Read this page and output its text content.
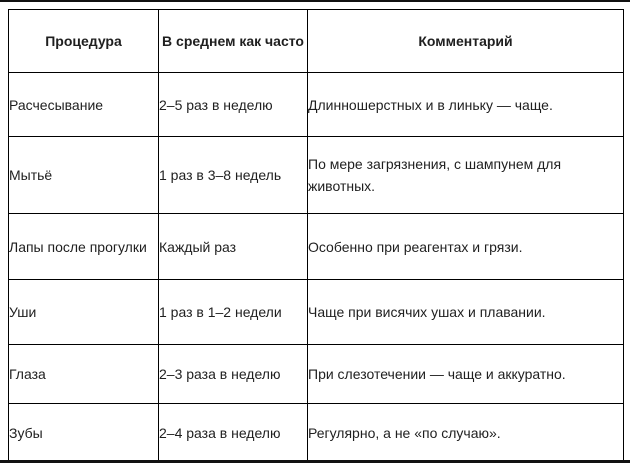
Процедура	В среднем как часто	Комментарий
Расчесывание	2–5 раз в неделю	Длинношерстных и в линьку — чаще.
Мытьё	1 раз в 3–8 недель	По мере загрязнения, с шампунем для животных.
Лапы после прогулки	Каждый раз	Особенно при реагентах и грязи.
Уши	1 раз в 1–2 недели	Чаще при висячих ушах и плавании.
Глаза	2–3 раза в неделю	При слезотечении — чаще и аккуратно.
Зубы	2–4 раза в неделю	Регулярно, а не «по случаю».
